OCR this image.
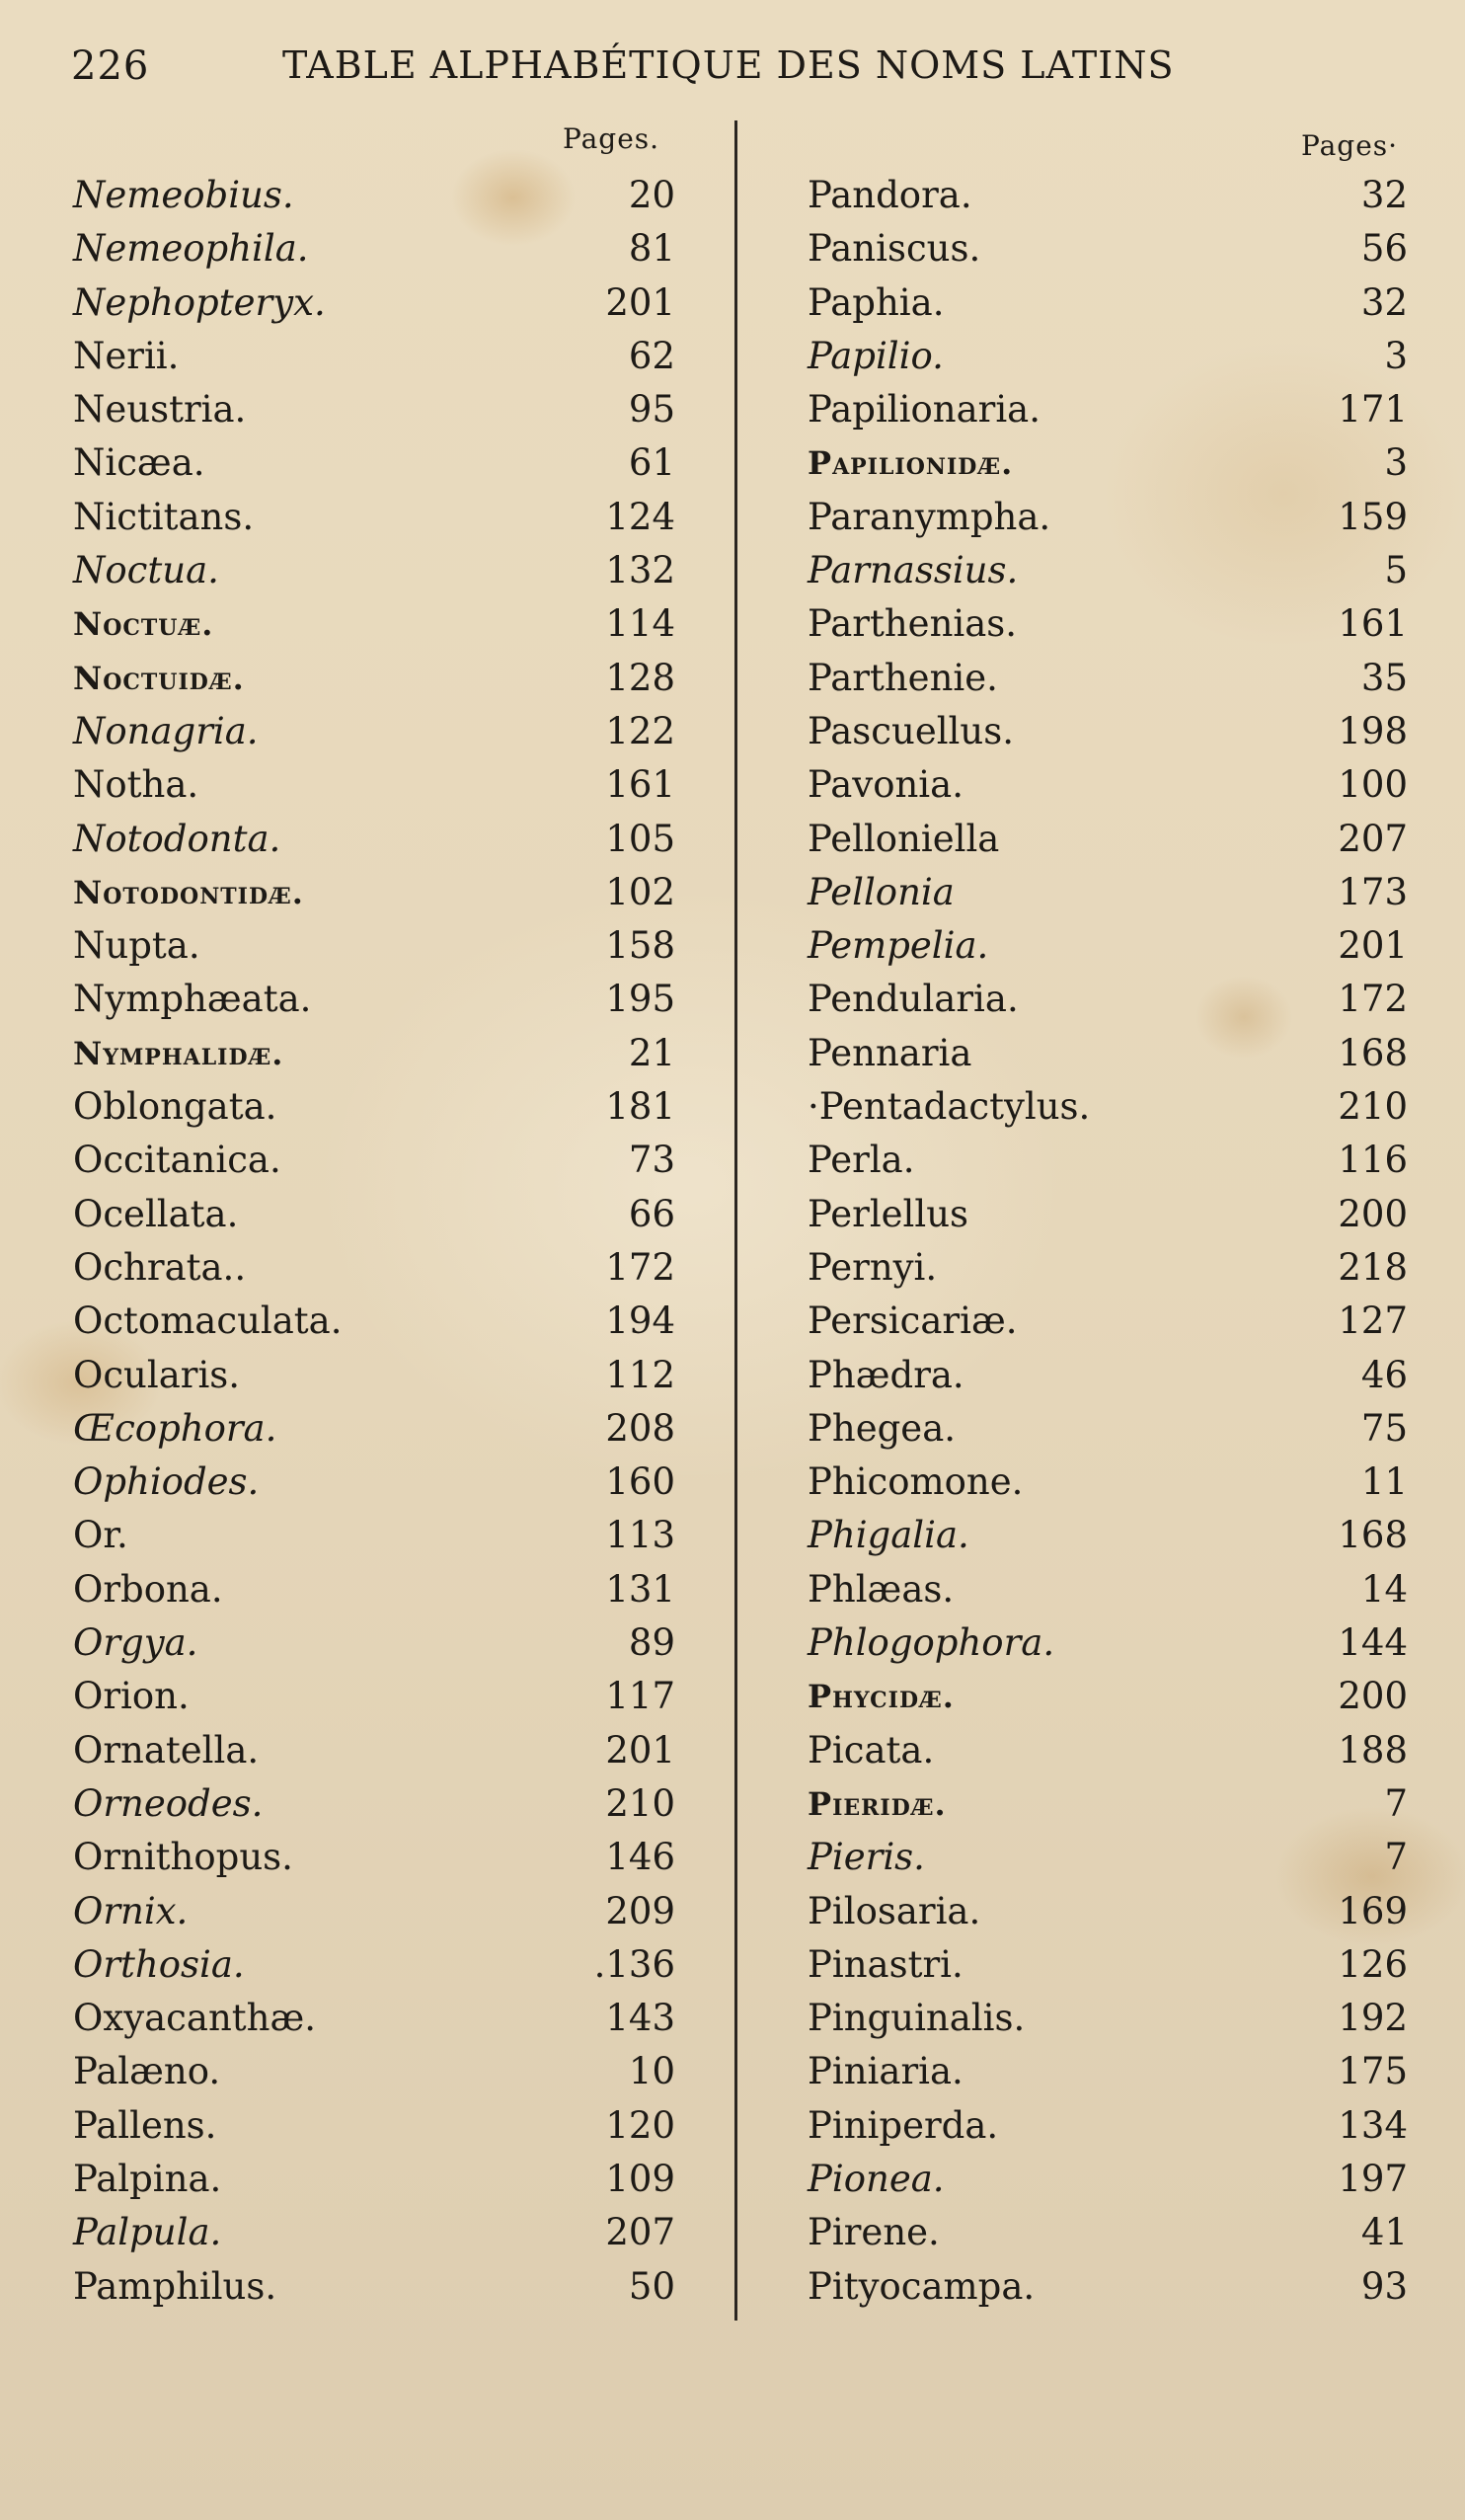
226	TABLE ALPHABÉTIQUE DES NOMS LATINS
Pages.	Pages·
Nemeobius.	20
Nemeophila.	81
Nephopteryx.	201
Nerii.	62
Neustria.	95
Nicæa.	61
Nictitans.	124
Noctua.	132
Noctuæ.	114
Noctuidæ.	128
Nonagria.	122
Notha.	161
Notodonta.	105
Notodontidæ.	102
Nupta.	158
Nymphæata.	195
Nymphalidæ.	21
Oblongata.	181
Occitanica.	73
Ocellata.	66
Ochrata..	172
Octomaculata.	194
Ocularis.	112
Œcophora.	208
Ophiodes.	160
Or.	113
Orbona.	131
Orgya.	89
Orion.	117
Ornatella.	201
Orneodes.	210
Ornithopus.	146
Ornix.	209
Orthosia.	.136
Oxyacanthæ.	143
Palæno.	10
Pallens.	120
Palpina.	109
Palpula.	207
Pamphilus.	50
Pandora.	32
Paniscus.	56
Paphia.	32
Papilio.	3
Papilionaria.	171
Papilionidæ.	3
Paranympha.	159
Parnassius.	5
Parthenias.	161
Parthenie.	35
Pascuellus.	198
Pavonia.	100
Pelloniella	207
Pellonia	173
Pempelia.	201
Pendularia.	172
Pennaria	168
·Pentadactylus.	210
Perla.	116
Perlellus	200
Pernyi.	218
Persicariæ.	127
Phædra.	46
Phegea.	75
Phicomone.	11
Phigalia.	168
Phlæas.	14
Phlogophora.	144
Phycidæ.	200
Picata.	188
Pieridæ.	7
Pieris.	7
Pilosaria.	169
Pinastri.	126
Pinguinalis.	192
Piniaria.	175
Piniperda.	134
Pionea.	197
Pirene.	41
Pityocampa.	93
